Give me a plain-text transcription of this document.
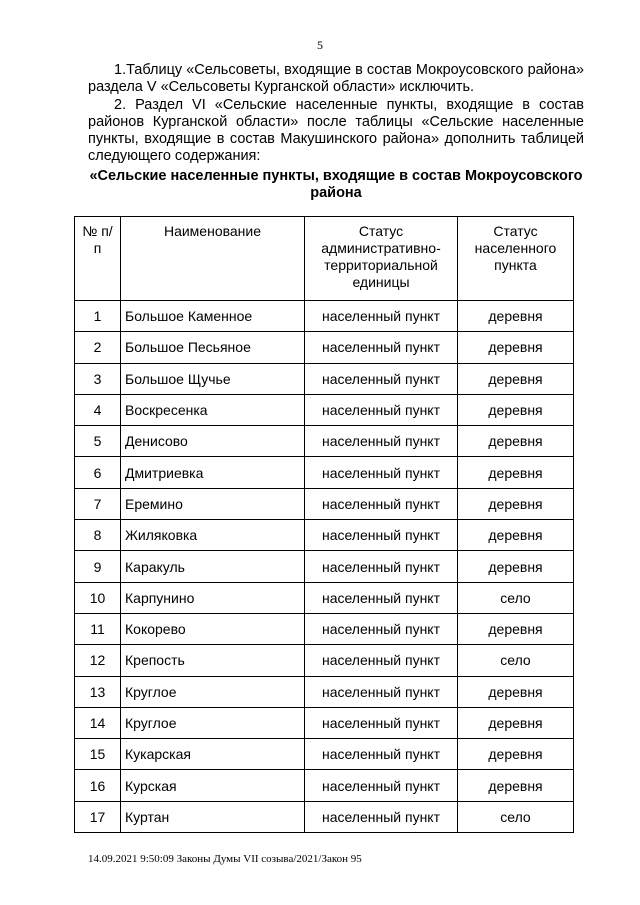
5

1.Таблицу «Сельсоветы, входящие в состав Мокроусовского района» раздела V «Сельсоветы Курганской области» исключить.

2. Раздел VI «Сельские населенные пункты, входящие в состав районов Курганской области» после таблицы «Сельские населенные пункты, входящие в состав Макушинского района» дополнить таблицей следующего содержания:

«Сельские населенные пункты, входящие в состав Мокроусовского района
№ п/п	Наименование	Статус административно-территориальной единицы	Статус населенного пункта
1	Большое Каменное	населенный пункт	деревня
2	Большое Песьяное	населенный пункт	деревня
3	Большое Щучье	населенный пункт	деревня
4	Воскресенка	населенный пункт	деревня
5	Денисово	населенный пункт	деревня
6	Дмитриевка	населенный пункт	деревня
7	Еремино	населенный пункт	деревня
8	Жиляковка	населенный пункт	деревня
9	Каракуль	населенный пункт	деревня
10	Карпунино	населенный пункт	село
11	Кокорево	населенный пункт	деревня
12	Крепость	населенный пункт	село
13	Круглое	населенный пункт	деревня
14	Круглое	населенный пункт	деревня
15	Кукарская	населенный пункт	деревня
16	Курская	населенный пункт	деревня
17	Куртан	населенный пункт	село
14.09.2021 9:50:09 Законы Думы VII созыва/2021/Закон 95
